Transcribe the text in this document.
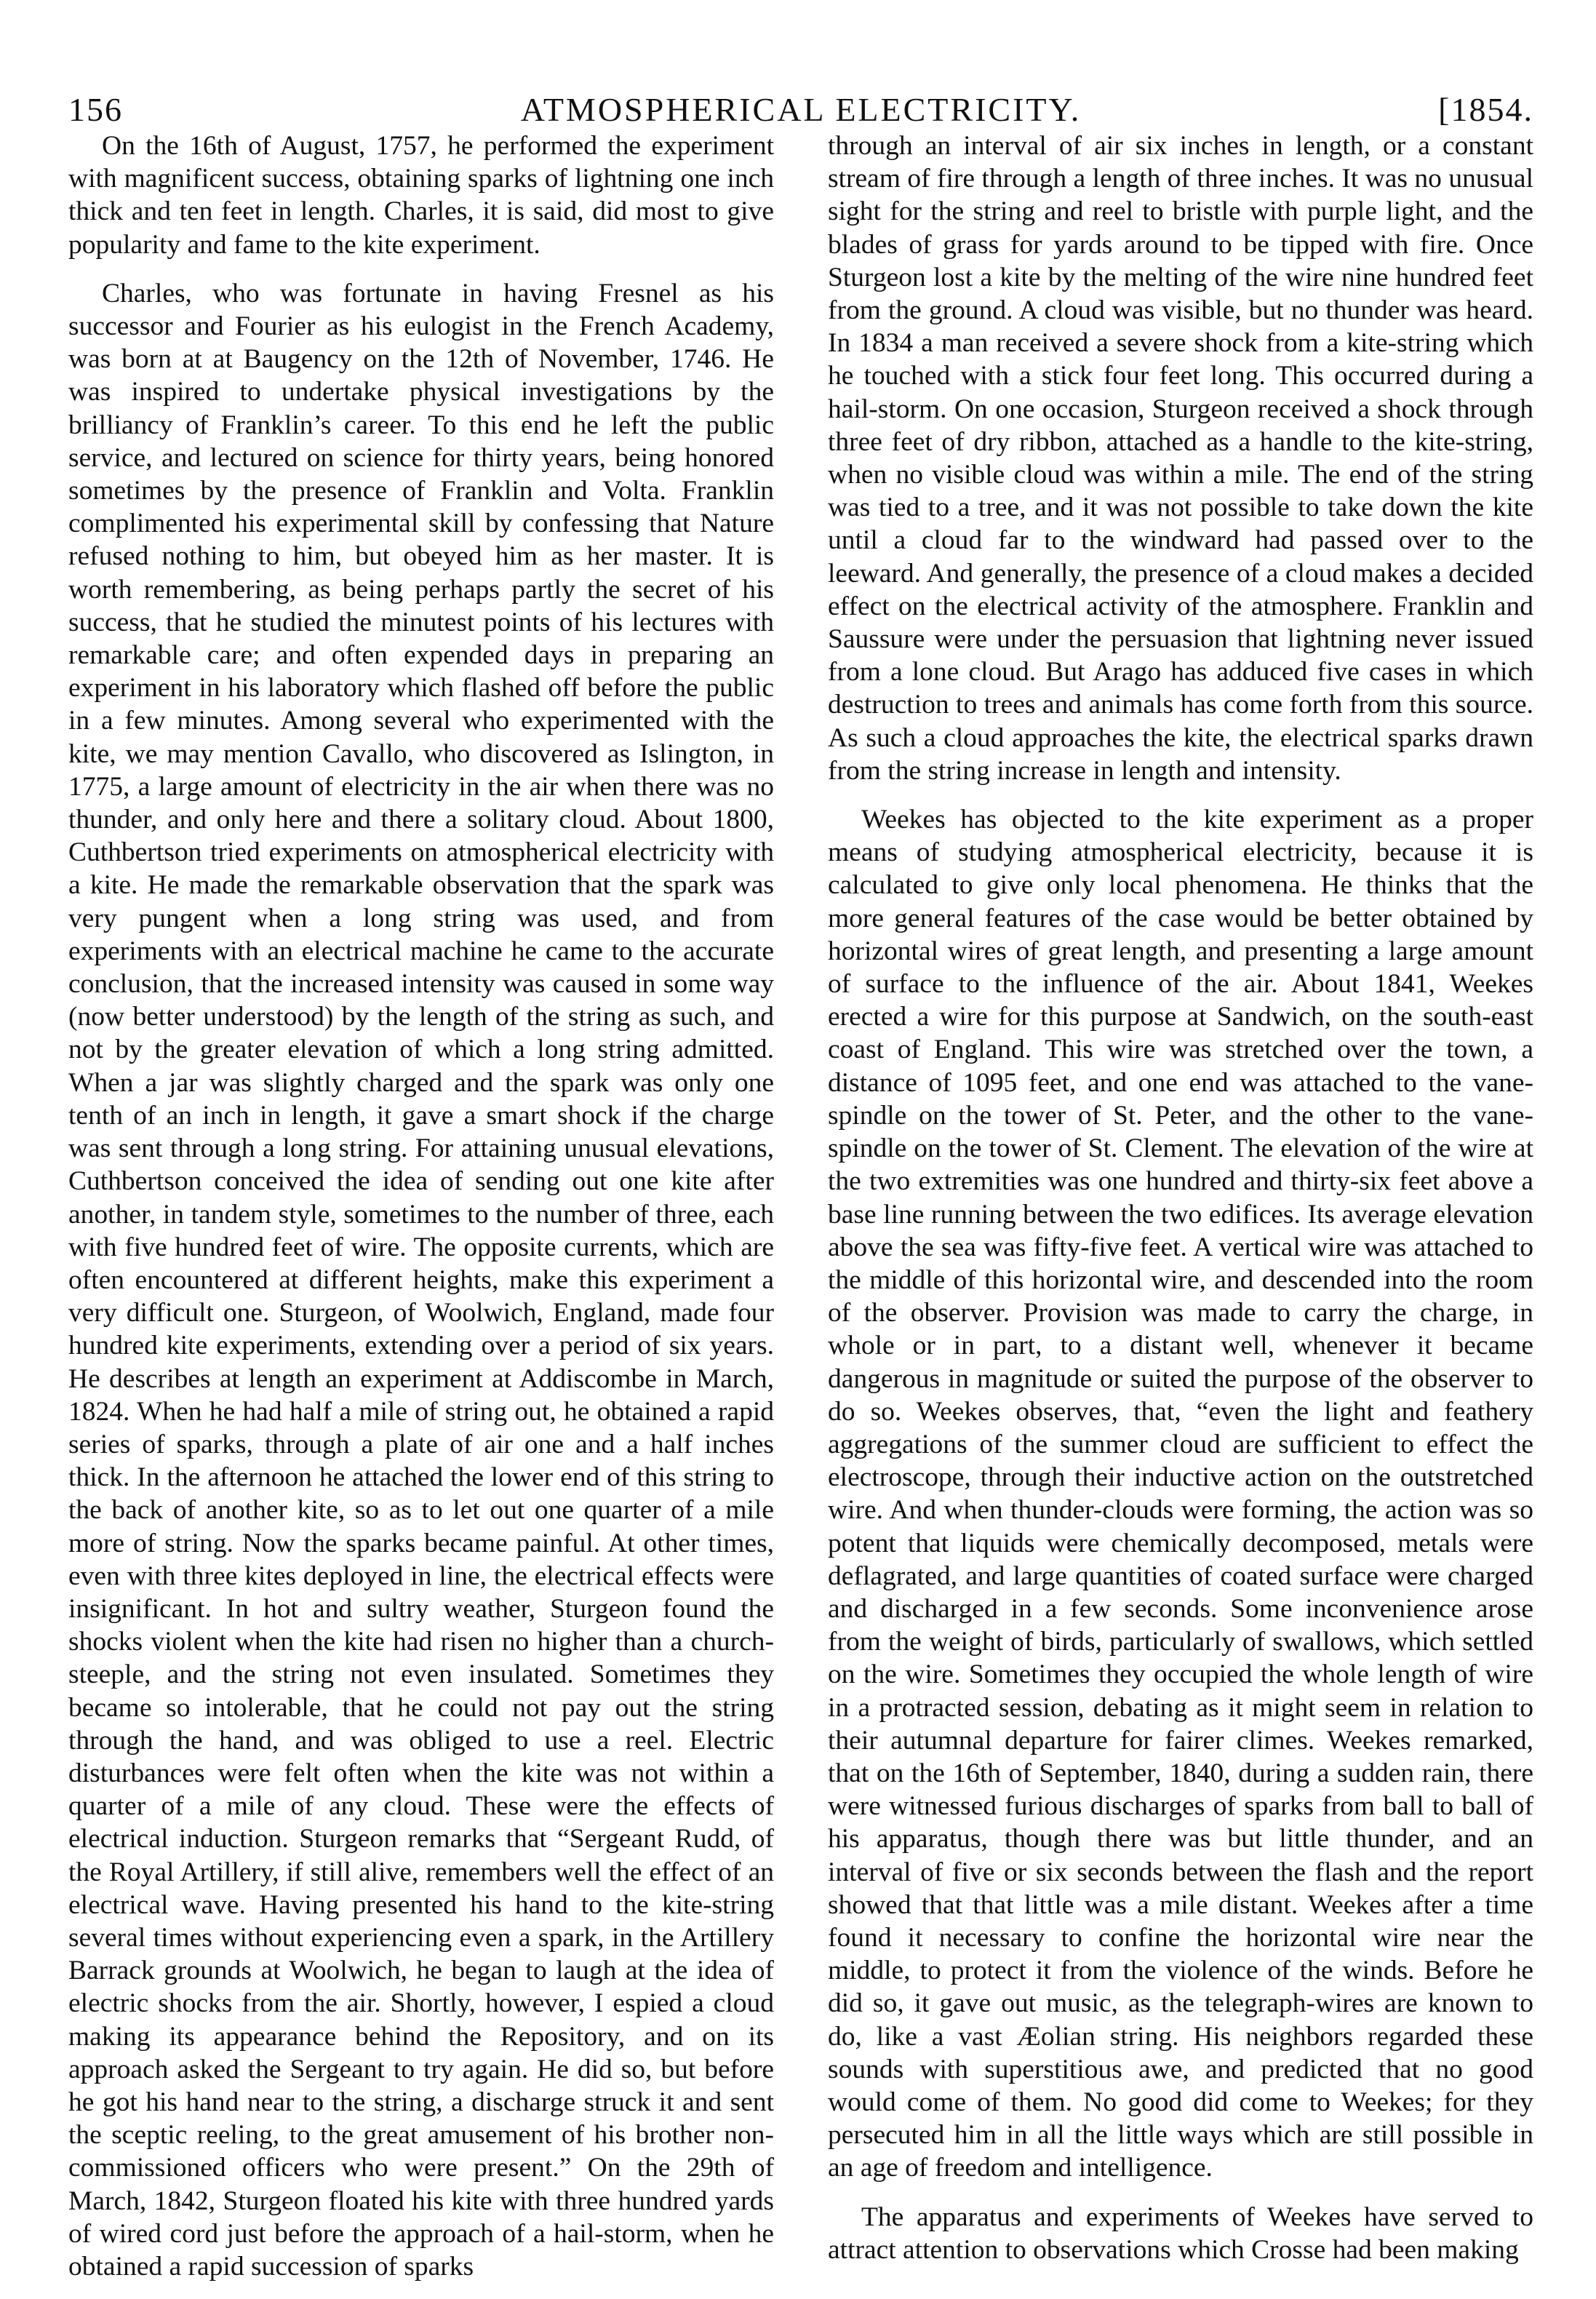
156	ATMOSPHERICAL ELECTRICITY.	[1854.

On the 16th of August, 1757, he performed the experiment with magnificent success, obtaining sparks of lightning one inch thick and ten feet in length. Charles, it is said, did most to give popularity and fame to the kite experiment.

Charles, who was fortunate in having Fresnel as his successor and Fourier as his eulogist in the French Academy, was born at at Baugency on the 12th of November, 1746. He was inspired to undertake physical investigations by the brilliancy of Franklin’s career. To this end he left the public service, and lectured on science for thirty years, being honored sometimes by the presence of Franklin and Volta. Franklin complimented his experimental skill by confessing that Nature refused nothing to him, but obeyed him as her master. It is worth remembering, as being perhaps partly the secret of his success, that he studied the minutest points of his lectures with remarkable care; and often expended days in preparing an experiment in his laboratory which flashed off before the public in a few minutes. Among several who experimented with the kite, we may mention Cavallo, who discovered as Islington, in 1775, a large amount of electricity in the air when there was no thunder, and only here and there a solitary cloud. About 1800, Cuthbertson tried experiments on atmospherical electricity with a kite. He made the remarkable observation that the spark was very pungent when a long string was used, and from experiments with an electrical machine he came to the accurate conclusion, that the increased intensity was caused in some way (now better understood) by the length of the string as such, and not by the greater elevation of which a long string admitted. When a jar was slightly charged and the spark was only one tenth of an inch in length, it gave a smart shock if the charge was sent through a long string. For attaining unusual elevations, Cuthbertson conceived the idea of sending out one kite after another, in tandem style, sometimes to the number of three, each with five hundred feet of wire. The opposite currents, which are often encountered at different heights, make this experiment a very difficult one. Sturgeon, of Woolwich, England, made four hundred kite experiments, extending over a period of six years. He describes at length an experiment at Addiscombe in March, 1824. When he had half a mile of string out, he obtained a rapid series of sparks, through a plate of air one and a half inches thick. In the afternoon he attached the lower end of this string to the back of another kite, so as to let out one quarter of a mile more of string. Now the sparks became painful. At other times, even with three kites deployed in line, the electrical effects were insignificant. In hot and sultry weather, Sturgeon found the shocks violent when the kite had risen no higher than a church-steeple, and the string not even insulated. Sometimes they became so intolerable, that he could not pay out the string through the hand, and was obliged to use a reel. Electric disturbances were felt often when the kite was not within a quarter of a mile of any cloud. These were the effects of electrical induction. Sturgeon remarks that “Sergeant Rudd, of the Royal Artillery, if still alive, remembers well the effect of an electrical wave. Having presented his hand to the kite-string several times without experiencing even a spark, in the Artillery Barrack grounds at Woolwich, he began to laugh at the idea of electric shocks from the air. Shortly, however, I espied a cloud making its appearance behind the Repository, and on its approach asked the Sergeant to try again. He did so, but before he got his hand near to the string, a discharge struck it and sent the sceptic reeling, to the great amusement of his brother non-commissioned officers who were present.” On the 29th of March, 1842, Sturgeon floated his kite with three hundred yards of wired cord just before the approach of a hail-storm, when he obtained a rapid succession of sparks

through an interval of air six inches in length, or a constant stream of fire through a length of three inches. It was no unusual sight for the string and reel to bristle with purple light, and the blades of grass for yards around to be tipped with fire. Once Sturgeon lost a kite by the melting of the wire nine hundred feet from the ground. A cloud was visible, but no thunder was heard. In 1834 a man received a severe shock from a kite-string which he touched with a stick four feet long. This occurred during a hail-storm. On one occasion, Sturgeon received a shock through three feet of dry ribbon, attached as a handle to the kite-string, when no visible cloud was within a mile. The end of the string was tied to a tree, and it was not possible to take down the kite until a cloud far to the windward had passed over to the leeward. And generally, the presence of a cloud makes a decided effect on the electrical activity of the atmosphere. Franklin and Saussure were under the persuasion that lightning never issued from a lone cloud. But Arago has adduced five cases in which destruction to trees and animals has come forth from this source. As such a cloud approaches the kite, the electrical sparks drawn from the string increase in length and intensity.

Weekes has objected to the kite experiment as a proper means of studying atmospherical electricity, because it is calculated to give only local phenomena. He thinks that the more general features of the case would be better obtained by horizontal wires of great length, and presenting a large amount of surface to the influence of the air. About 1841, Weekes erected a wire for this purpose at Sandwich, on the south-east coast of England. This wire was stretched over the town, a distance of 1095 feet, and one end was attached to the vane-spindle on the tower of St. Peter, and the other to the vane-spindle on the tower of St. Clement. The elevation of the wire at the two extremities was one hundred and thirty-six feet above a base line running between the two edifices. Its average elevation above the sea was fifty-five feet. A vertical wire was attached to the middle of this horizontal wire, and descended into the room of the observer. Provision was made to carry the charge, in whole or in part, to a distant well, whenever it became dangerous in magnitude or suited the purpose of the observer to do so. Weekes observes, that, “even the light and feathery aggregations of the summer cloud are sufficient to effect the electroscope, through their inductive action on the outstretched wire. And when thunder-clouds were forming, the action was so potent that liquids were chemically decomposed, metals were deflagrated, and large quantities of coated surface were charged and discharged in a few seconds. Some inconvenience arose from the weight of birds, particularly of swallows, which settled on the wire. Sometimes they occupied the whole length of wire in a protracted session, debating as it might seem in relation to their autumnal departure for fairer climes. Weekes remarked, that on the 16th of September, 1840, during a sudden rain, there were witnessed furious discharges of sparks from ball to ball of his apparatus, though there was but little thunder, and an interval of five or six seconds between the flash and the report showed that that little was a mile distant. Weekes after a time found it necessary to confine the horizontal wire near the middle, to protect it from the violence of the winds. Before he did so, it gave out music, as the telegraph-wires are known to do, like a vast Æolian string. His neighbors regarded these sounds with superstitious awe, and predicted that no good would come of them. No good did come to Weekes; for they persecuted him in all the little ways which are still possible in an age of freedom and intelligence.

The apparatus and experiments of Weekes have served to attract attention to observations which Crosse had been making
